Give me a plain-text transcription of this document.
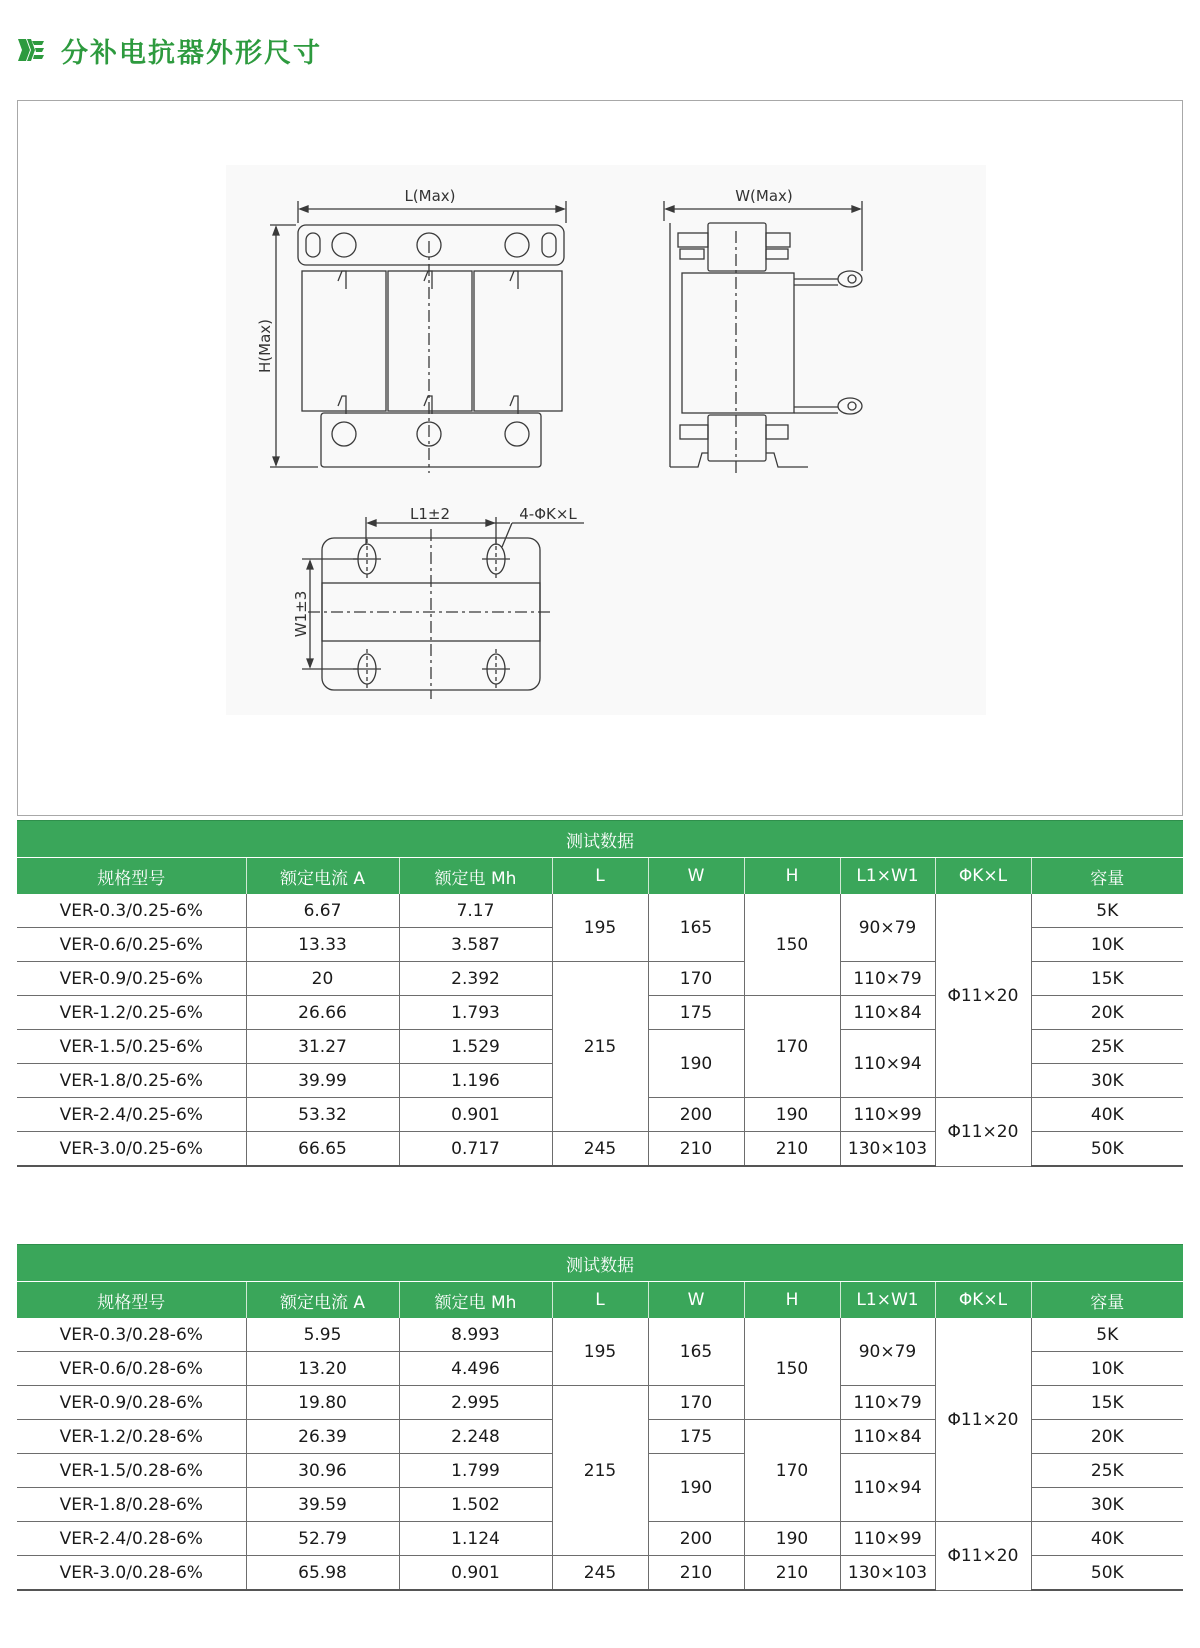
分补电抗器外形尺寸
L(Max)	W(Max)
H(Max)
L1±2	4-ΦK×L
W1±3
测试数据								
规格型号	额定电流 A	额定电 Mh	L	W	H	L1×W1	ΦK×L	容量
VER-0.3/0.25-6%	6.67	7.17	195	165	150	90×79	Φ11×20	5K
VER-0.6/0.25-6%	13.33	3.587						10K
VER-0.9/0.25-6%	20	2.392	215	170		110×79		15K
VER-1.2/0.25-6%	26.66	1.793		175	170	110×84		20K
VER-1.5/0.25-6%	31.27	1.529		190		110×94		25K
VER-1.8/0.25-6%	39.99	1.196						30K
VER-2.4/0.25-6%	53.32	0.901		200	190	110×99	Φ11×20	40K
VER-3.0/0.25-6%	66.65	0.717	245	210	210	130×103		50K
测试数据								
规格型号	额定电流 A	额定电 Mh	L	W	H	L1×W1	ΦK×L	容量
VER-0.3/0.28-6%	5.95	8.993	195	165	150	90×79	Φ11×20	5K
VER-0.6/0.28-6%	13.20	4.496						10K
VER-0.9/0.28-6%	19.80	2.995	215	170		110×79		15K
VER-1.2/0.28-6%	26.39	2.248		175	170	110×84		20K
VER-1.5/0.28-6%	30.96	1.799		190		110×94		25K
VER-1.8/0.28-6%	39.59	1.502						30K
VER-2.4/0.28-6%	52.79	1.124		200	190	110×99	Φ11×20	40K
VER-3.0/0.28-6%	65.98	0.901	245	210	210	130×103		50K
